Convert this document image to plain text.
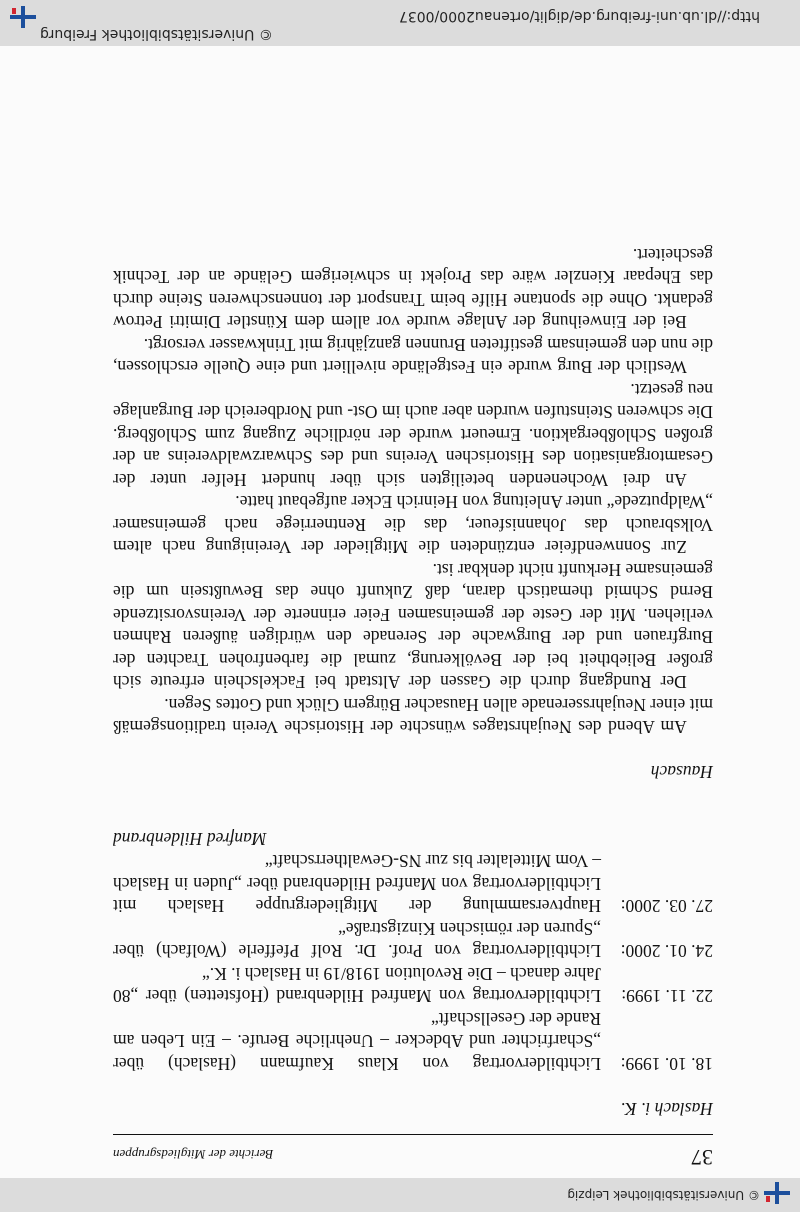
© Universitätsbibliothek Leipzig
37
Berichte der Mitgliedsgruppen

Haslach i. K.

18. 10. 1999:

Lichtbildervortrag von Klaus Kaufmann (Haslach) über „Scharfrichter und Abdecker – Unehrliche Berufe. – Ein Leben am Rande der Gesellschaft“

22. 11. 1999:

Lichtbildervortrag von Manfred Hildenbrand (Hofstetten) über „80 Jahre danach – Die Revolution 1918/19 in Haslach i. K.“

24. 01. 2000:

Lichtbildervortrag von Prof. Dr. Rolf Pfefferle (Wolfach) über „Spuren der römischen Kinzigstraße“

27. 03. 2000:

Hauptversammlung der Mitgliedergruppe Haslach mit Lichtbildervortrag von Manfred Hildenbrand über „Juden in Haslach – Vom Mittelalter bis zur NS-Gewaltherrschaft“

Manfred Hildenbrand

Hausach

Am Abend des Neujahrstages wünschte der Historische Verein traditionsgemäß mit einer Neujahrsserenade allen Hausacher Bürgern Glück und Gottes Segen.

Der Rundgang durch die Gassen der Altstadt bei Fackelschein erfreute sich großer Beliebtheit bei der Bevölkerung, zumal die farbenfrohen Trachten der Burgfrauen und der Burgwache der Serenade den würdigen äußeren Rahmen verliehen. Mit der Geste der gemeinsamen Feier erinnerte der Vereinsvorsitzende Bernd Schmid thematisch daran, daß Zukunft ohne das Bewußtsein um die gemeinsame Herkunft nicht denkbar ist.

Zur Sonnwendfeier entzündeten die Mitglieder der Vereinigung nach altem Volksbrauch das Johannisfeuer, das die Rentnerriege nach gemeinsamer „Waldputzede“ unter Anleitung von Heinrich Ecker aufgebaut hatte.

An drei Wochenenden beteiligten sich über hundert Helfer unter der Gesamtorganisation des Historischen Vereins und des Schwarzwaldvereins an der großen Schloßbergaktion. Erneuert wurde der nördliche Zugang zum Schloßberg. Die schweren Steinstufen wurden aber auch im Ost- und Nordbereich der Burganlage neu gesetzt.

Westlich der Burg wurde ein Festgelände nivelliert und eine Quelle erschlossen, die nun den gemeinsam gestifteten Brunnen ganzjährig mit Trinkwasser versorgt.

Bei der Einweihung der Anlage wurde vor allem dem Künstler Dimitri Petrow gedankt. Ohne die spontane Hilfe beim Transport der tonnenschweren Steine durch das Ehepaar Kienzler wäre das Projekt in schwierigem Gelände an der Technik gescheitert.

http://dl.ub.uni-freiburg.de/diglit/ortenau2000/0037
© Universitätsbibliothek Freiburg
